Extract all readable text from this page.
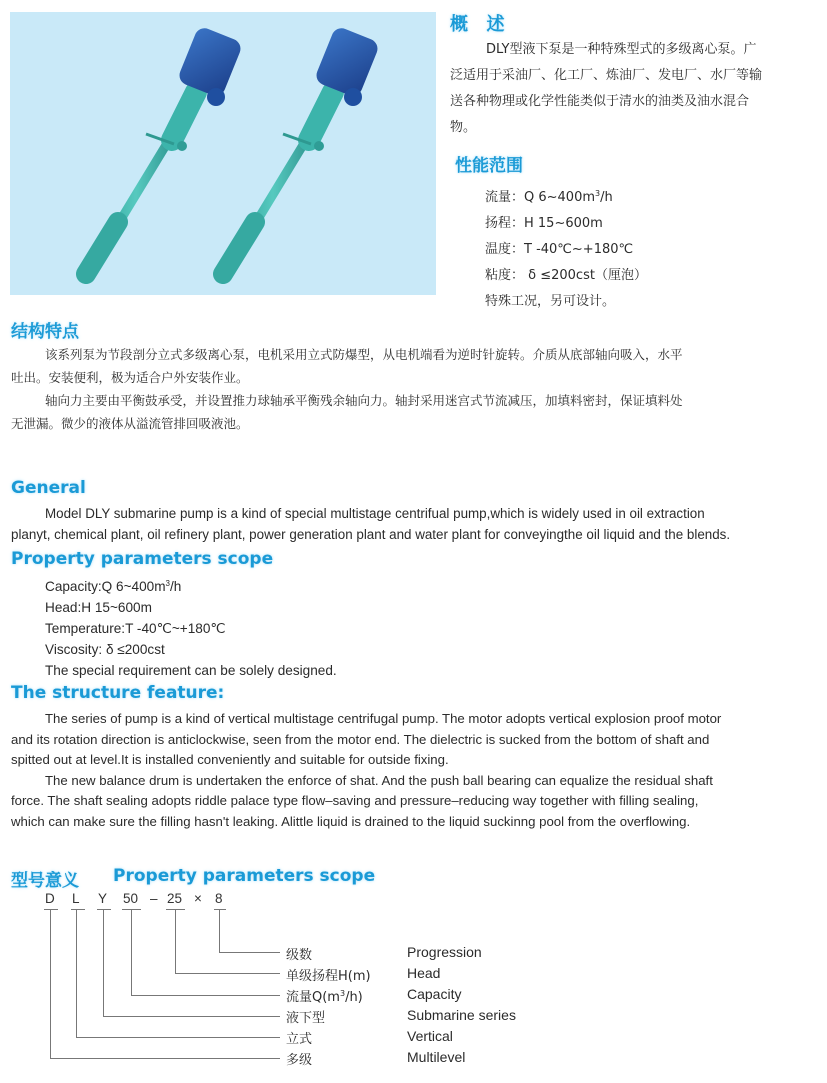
概  述
DLY型液下泵是一种特殊型式的多级离心泵。广
泛适用于采油厂、化工厂、炼油厂、发电厂、水厂等输
送各种物理或化学性能类似于清水的油类及油水混合
物。
性能范围
流量：Q $6\sim 400m^3/h$
扬程：H 15~600m
温度：T -40℃~+180℃
粘度： δ ≤200cst（厘泡）
特殊工况，另可设计。
结构特点
该系列泵为节段剖分立式多级离心泵，电机采用立式防爆型，从电机端看为逆时针旋转。介质从底部轴向吸入，水平
吐出。安装便利，极为适合户外安装作业。
轴向力主要由平衡鼓承受，并设置推力球轴承平衡残余轴向力。轴封采用迷宫式节流减压，加填料密封，保证填料处
无泄漏。微少的液体从溢流管排回吸液池。
General
Model DLY submarine pump is a kind of special multistage centrifual pump,which is widely used in oil extraction
planyt, chemical plant, oil refinery plant, power generation plant and water plant for conveyingthe oil liquid and the blends.
Property parameters scope
Capacity:Q $6\sim 400m^3/h$
Head:H 15~600m
Temperature:T -40℃~+180℃
Viscosity: δ ≤200cst
The special requirement can be solely designed.
The structure feature:
The series of pump is a kind of vertical multistage centrifugal pump. The motor adopts vertical explosion proof motor
and its rotation direction is anticlockwise, seen from the motor end. The dielectric is sucked from the bottom of shaft and
spitted out at level.It is installed conveniently and suitable for outside fixing.
The new balance drum is undertaken the enforce of shat. And the push ball bearing can equalize the residual shaft
force. The shaft sealing adopts riddle palace type flow–saving and pressure–reducing way together with filling sealing,
which can make sure the filling hasn't leaking. Alittle liquid is drained to the liquid suckinng pool from the overflowing.
型号意义 Property parameters scope
D L Y 50 – 25 × 8
级数	Progression
单级扬程H(m)	Head
流量$Q(m^3/h)$	Capacity
液下型	Submarine series
立式	Vertical
多级	Multilevel
